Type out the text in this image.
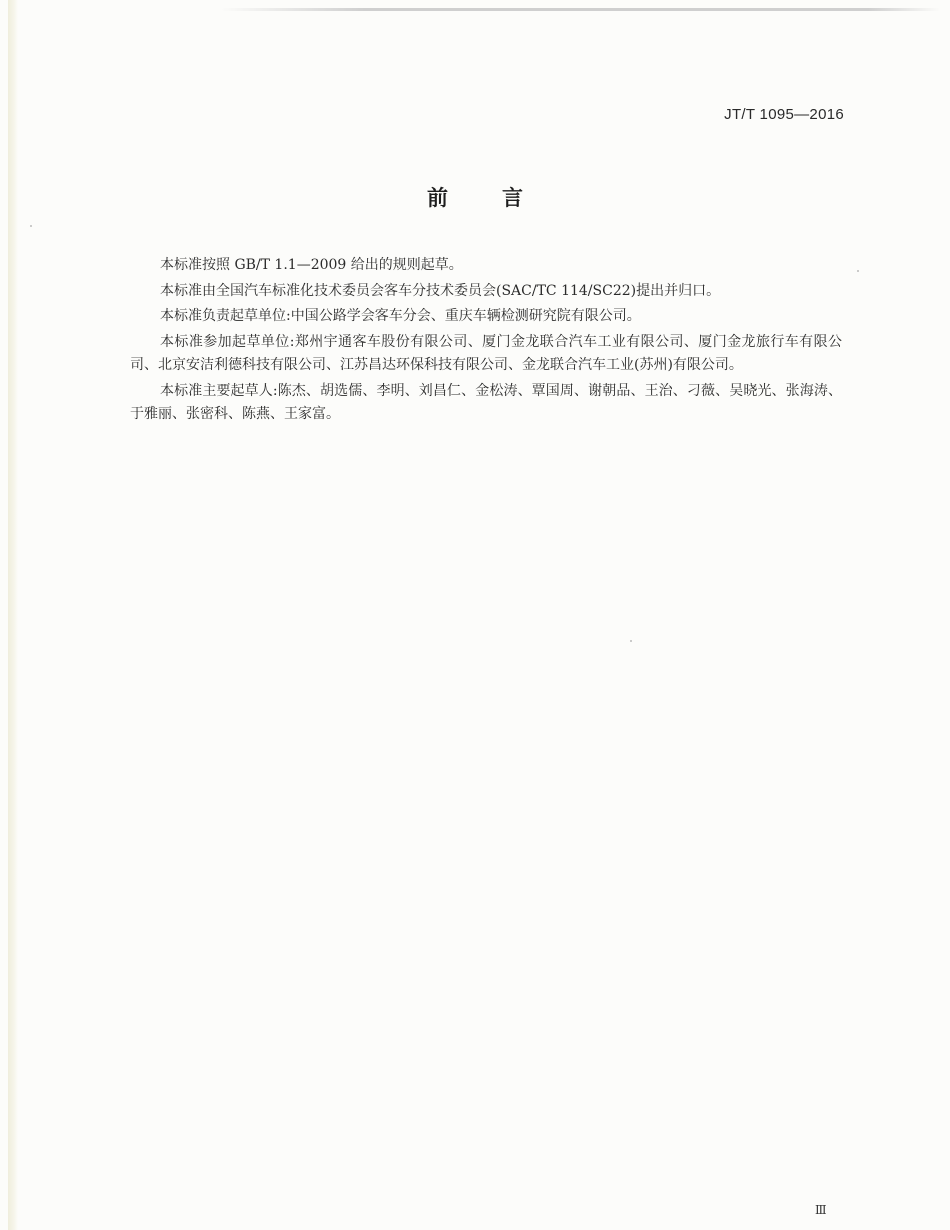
JT/T 1095—2016
前	言

本标准按照 GB/T 1.1—2009 给出的规则起草。

本标准由全国汽车标准化技术委员会客车分技术委员会(SAC/TC 114/SC22)提出并归口。

本标准负责起草单位:中国公路学会客车分会、重庆车辆检测研究院有限公司。

本标准参加起草单位:郑州宇通客车股份有限公司、厦门金龙联合汽车工业有限公司、厦门金龙旅行车有限公司、北京安洁利德科技有限公司、江苏昌达环保科技有限公司、金龙联合汽车工业(苏州)有限公司。

本标准主要起草人:陈杰、胡选儒、李明、刘昌仁、金松涛、覃国周、谢朝品、王治、刁薇、吴晓光、张海涛、于雅丽、张密科、陈燕、王家富。

Ⅲ
